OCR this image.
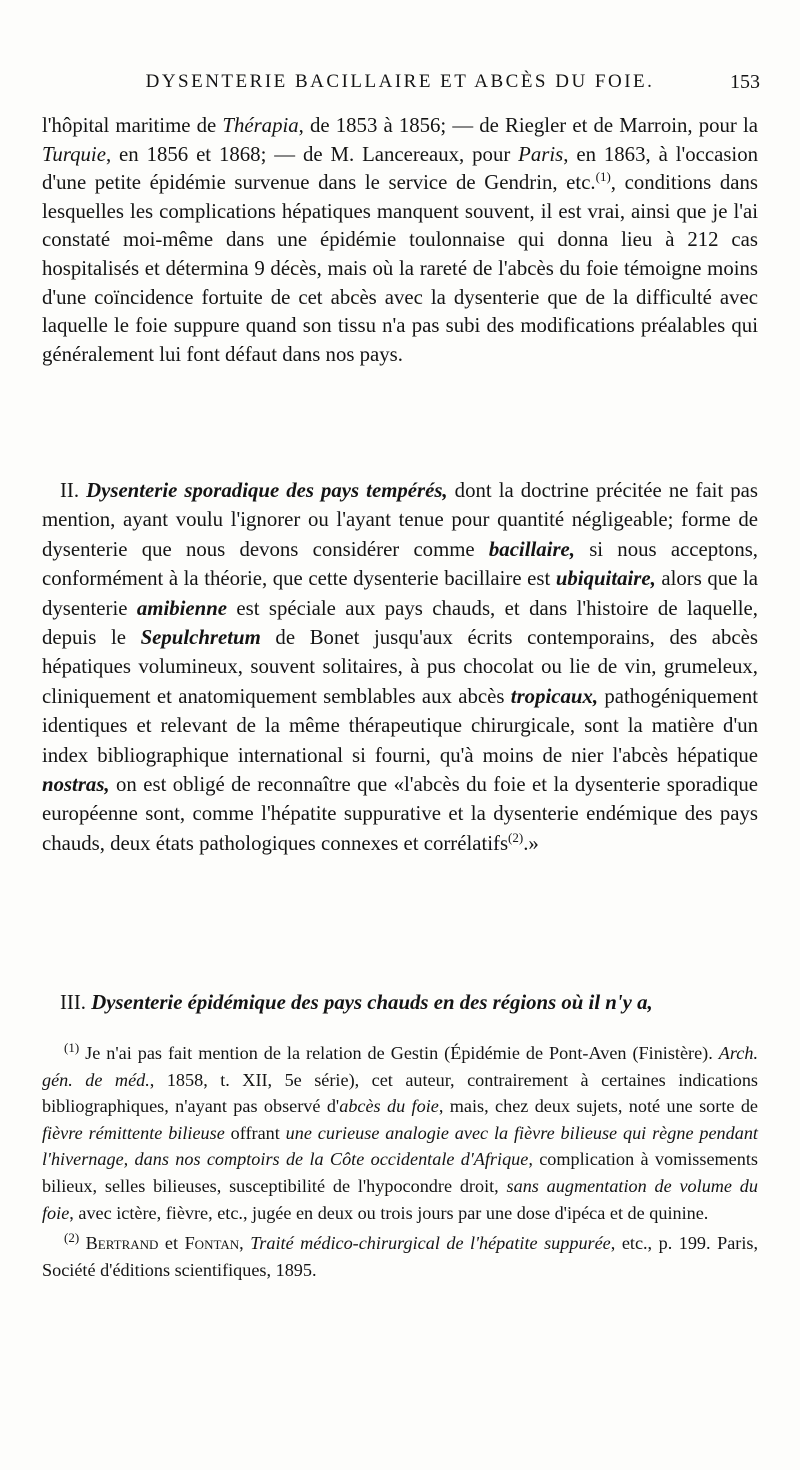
DYSENTERIE BACILLAIRE ET ABCÈS DU FOIE.	153
l'hôpital maritime de Thérapia, de 1853 à 1856; — de Riegler et de Marroin, pour la Turquie, en 1856 et 1868; — de M. Lancereaux, pour Paris, en 1863, à l'occasion d'une petite épidémie survenue dans le service de Gendrin, etc.$^{(1)}$, conditions dans lesquelles les complications hépatiques manquent souvent, il est vrai, ainsi que je l'ai constaté moi-même dans une épidémie toulonnaise qui donna lieu à 212 cas hospitalisés et détermina 9 décès, mais où la rareté de l'abcès du foie témoigne moins d'une coïncidence fortuite de cet abcès avec la dysenterie que de la difficulté avec laquelle le foie suppure quand son tissu n'a pas subi des modifications préalables qui généralement lui font défaut dans nos pays.
II. Dysenterie sporadique des pays tempérés, dont la doctrine précitée ne fait pas mention, ayant voulu l'ignorer ou l'ayant tenue pour quantité négligeable; forme de dysenterie que nous devons considérer comme bacillaire, si nous acceptons, conformément à la théorie, que cette dysenterie bacillaire est ubiquitaire, alors que la dysenterie amibienne est spéciale aux pays chauds, et dans l'histoire de laquelle, depuis le Sepulchretum de Bonet jusqu'aux écrits contemporains, des abcès hépatiques volumineux, souvent solitaires, à pus chocolat ou lie de vin, grumeleux, cliniquement et anatomiquement semblables aux abcès tropicaux, pathogéniquement identiques et relevant de la même thérapeutique chirurgicale, sont la matière d'un index bibliographique international si fourni, qu'à moins de nier l'abcès hépatique nostras, on est obligé de reconnaître que «l'abcès du foie et la dysenterie sporadique européenne sont, comme l'hépatite suppurative et la dysenterie endémique des pays chauds, deux états pathologiques connexes et corrélatifs$^{(2)}$.»
III. Dysenterie épidémique des pays chauds en des régions où il n'y a,

$^{(1)}$ Je n'ai pas fait mention de la relation de Gestin (Épidémie de Pont-Aven (Finistère). Arch. gén. de méd., 1858, t. XII, 5e série), cet auteur, contrairement à certaines indications bibliographiques, n'ayant pas observé d'abcès du foie, mais, chez deux sujets, noté une sorte de fièvre rémittente bilieuse offrant une curieuse analogie avec la fièvre bilieuse qui règne pendant l'hivernage, dans nos comptoirs de la Côte occidentale d'Afrique, complication à vomissements bilieux, selles bilieuses, susceptibilité de l'hypocondre droit, sans augmentation de volume du foie, avec ictère, fièvre, etc., jugée en deux ou trois jours par une dose d'ipéca et de quinine.

$^{(2)}$ Bertrand et Fontan, Traité médico-chirurgical de l'hépatite suppurée, etc., p. 199. Paris, Société d'éditions scientifiques, 1895.
